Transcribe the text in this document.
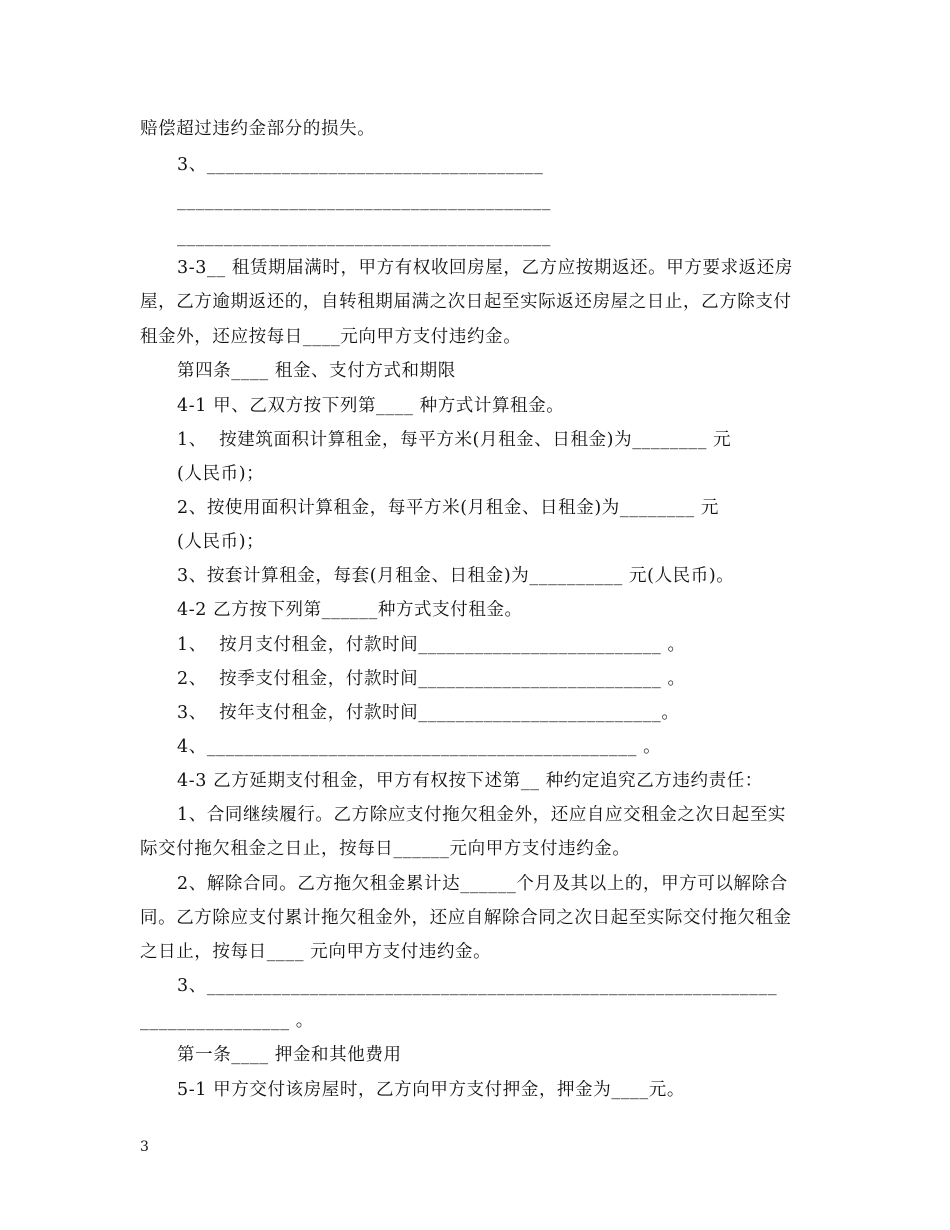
赔偿超过违约金部分的损失。
3、____________________________________
________________________________________
________________________________________
3-3__ 租赁期届满时，甲方有权收回房屋，乙方应按期返还。甲方要求返还房
屋，乙方逾期返还的，自转租期届满之次日起至实际返还房屋之日止，乙方除支付
租金外，还应按每日____元向甲方支付违约金。
第四条____ 租金、支付方式和期限
4-1 甲、乙双方按下列第____ 种方式计算租金。
1、  按建筑面积计算租金，每平方米(月租金、日租金)为________ 元
(人民币)；
2、按使用面积计算租金，每平方米(月租金、日租金)为________ 元
(人民币)；
3、按套计算租金，每套(月租金、日租金)为__________ 元(人民币)。
4-2 乙方按下列第______种方式支付租金。
1、  按月支付租金，付款时间__________________________ 。
2、  按季支付租金，付款时间__________________________ 。
3、  按年支付租金，付款时间__________________________。
4、______________________________________________ 。
4-3 乙方延期支付租金，甲方有权按下述第__ 种约定追究乙方违约责任：
1、合同继续履行。乙方除应支付拖欠租金外，还应自应交租金之次日起至实
际交付拖欠租金之日止，按每日______元向甲方支付违约金。
2、解除合同。乙方拖欠租金累计达______个月及其以上的，甲方可以解除合
同。乙方除应支付累计拖欠租金外，还应自解除合同之次日起至实际交付拖欠租金
之日止，按每日____ 元向甲方支付违约金。
3、_____________________________________________________________
________________ 。
第一条____ 押金和其他费用
5-1 甲方交付该房屋时，乙方向甲方支付押金，押金为____元。
3
